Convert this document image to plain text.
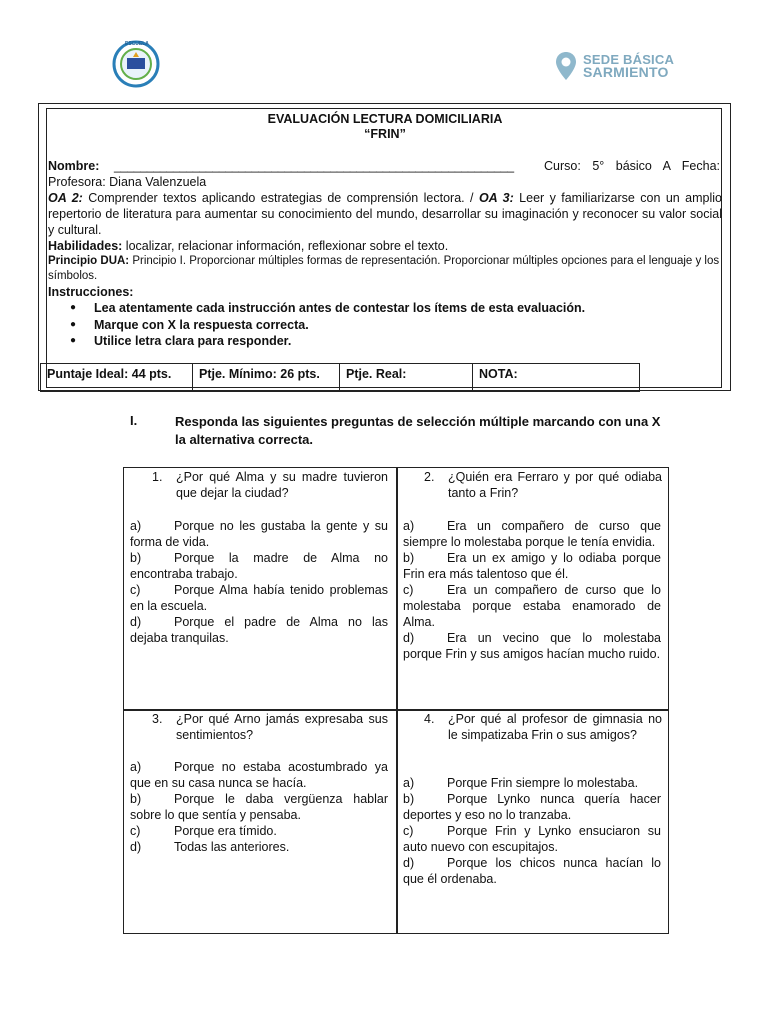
ESCUELA
SEDE BÁSICA
SARMIENTO
EVALUACIÓN LECTURA DOMICILIARIA
“FRIN”
Nombre: _____________________________________________________________ Curso: 5° básico A Fecha:
Profesora: Diana Valenzuela
OA 2: Comprender textos aplicando estrategias de comprensión lectora. / OA 3: Leer y familiarizarse con un amplio repertorio de literatura para aumentar su conocimiento del mundo, desarrollar su imaginación y reconocer su valor social y cultural.
Habilidades: localizar, relacionar información, reflexionar sobre el texto.
Principio DUA: Principio I. Proporcionar múltiples formas de representación. Proporcionar múltiples opciones para el lenguaje y los símbolos.
Instrucciones:
● Lea atentamente cada instrucción antes de contestar los ítems de esta evaluación.
● Marque con X la respuesta correcta.
● Utilice letra clara para responder.
Puntaje Ideal: 44 pts.	Ptje. Mínimo: 26 pts.	Ptje. Real:	NOTA:
I.	Responda las siguientes preguntas de selección múltiple marcando con una X la alternativa correcta.
1. ¿Por qué Alma y su madre tuvieron que dejar la ciudad?

a)	Porque no les gustaba la gente y su forma de vida.

b)	Porque la madre de Alma no encontraba trabajo.

c)	Porque Alma había tenido problemas en la escuela.

d)	Porque el padre de Alma no las dejaba tranquilas.

2. ¿Quién era Ferraro y por qué odiaba tanto a Frin?

a)	Era un compañero de curso que siempre lo molestaba porque le tenía envidia.

b)	Era un ex amigo y lo odiaba porque Frin era más talentoso que él.

c)	Era un compañero de curso que lo molestaba porque estaba enamorado de Alma.

d)	Era un vecino que lo molestaba porque Frin y sus amigos hacían mucho ruido.

3. ¿Por qué Arno jamás expresaba sus sentimientos?

a)	Porque no estaba acostumbrado ya que en su casa nunca se hacía.

b)	Porque le daba vergüenza hablar sobre lo que sentía y pensaba.

c)	Porque era tímido.

d)	Todas las anteriores.

4. ¿Por qué al profesor de gimnasia no le simpatizaba Frin o sus amigos?

a)	Porque Frin siempre lo molestaba.

b)	Porque Lynko nunca quería hacer deportes y eso no lo tranzaba.

c)	Porque Frin y Lynko ensuciaron su auto nuevo con escupitajos.

d)	Porque los chicos nunca hacían lo que él ordenaba.
